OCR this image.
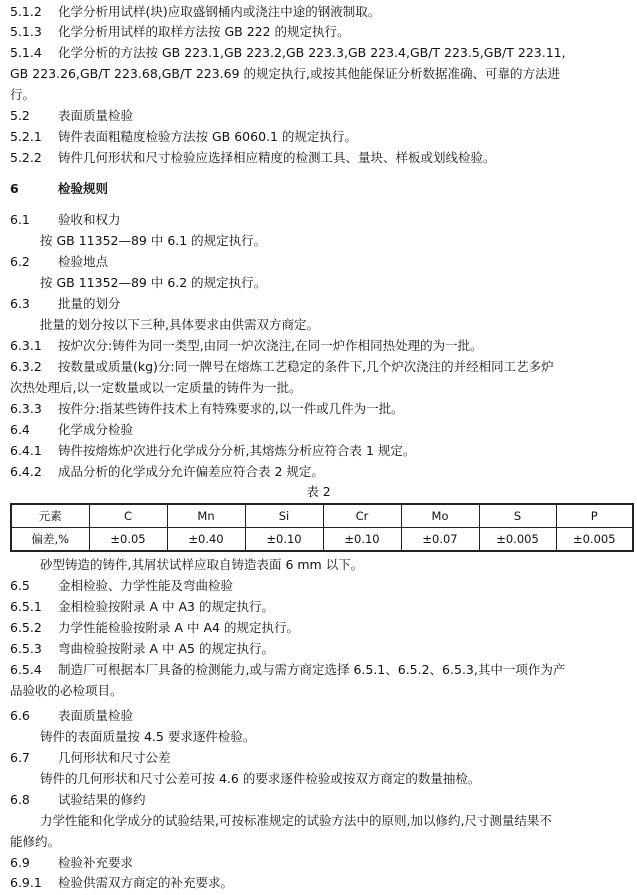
5.1.2 化学分析用试样(块)应取盛钢桶内或浇注中途的钢液制取。
5.1.3 化学分析用试样的取样方法按 GB 222 的规定执行。
5.1.4 化学分析的方法按 GB 223.1,GB 223.2,GB 223.3,GB 223.4,GB/T 223.5,GB/T 223.11,
GB 223.26,GB/T 223.68,GB/T 223.69 的规定执行,或按其他能保证分析数据准确、可靠的方法进
行。
5.2 表面质量检验
5.2.1 铸件表面粗糙度检验方法按 GB 6060.1 的规定执行。
5.2.2 铸件几何形状和尺寸检验应选择相应精度的检测工具、量块、样板或划线检验。
6	检验规则
6.1 验收和权力
按 GB 11352—89 中 6.1 的规定执行。
6.2 检验地点
按 GB 11352—89 中 6.2 的规定执行。
6.3 批量的划分
批量的划分按以下三种,具体要求由供需双方商定。
6.3.1 按炉次分:铸件为同一类型,由同一炉次浇注,在同一炉作相同热处理的为一批。
6.3.2 按数量或质量(kg)分:同一牌号在熔炼工艺稳定的条件下,几个炉次浇注的并经相同工艺多炉
次热处理后,以一定数量或以一定质量的铸件为一批。
6.3.3 按件分:指某些铸件技术上有特殊要求的,以一件或几件为一批。
6.4 化学成分检验
6.4.1 铸件按熔炼炉次进行化学成分分析,其熔炼分析应符合表 1 规定。
6.4.2 成品分析的化学成分允许偏差应符合表 2 规定。
砂型铸造的铸件,其屑状试样应取自铸造表面 6 mm 以下。
6.5 金相检验、力学性能及弯曲检验
6.5.1 金相检验按附录 A 中 A3 的规定执行。
6.5.2 力学性能检验按附录 A 中 A4 的规定执行。
6.5.3 弯曲检验按附录 A 中 A5 的规定执行。
6.5.4 制造厂可根据本厂具备的检测能力,或与需方商定选择 6.5.1、6.5.2、6.5.3,其中一项作为产
品验收的必检项目。
6.6 表面质量检验
铸件的表面质量按 4.5 要求逐件检验。
6.7 几何形状和尺寸公差
铸件的几何形状和尺寸公差可按 4.6 的要求逐件检验或按双方商定的数量抽检。
6.8 试验结果的修约
力学性能和化学成分的试验结果,可按标准规定的试验方法中的原则,加以修约,尺寸测量结果不
能修约。
6.9 检验补充要求
6.9.1 检验供需双方商定的补充要求。
表 2
元素	C	Mn	Si	Cr	Mo	S	P
偏差,%	±0.05	±0.40	±0.10	±0.10	±0.07	±0.005	±0.005
